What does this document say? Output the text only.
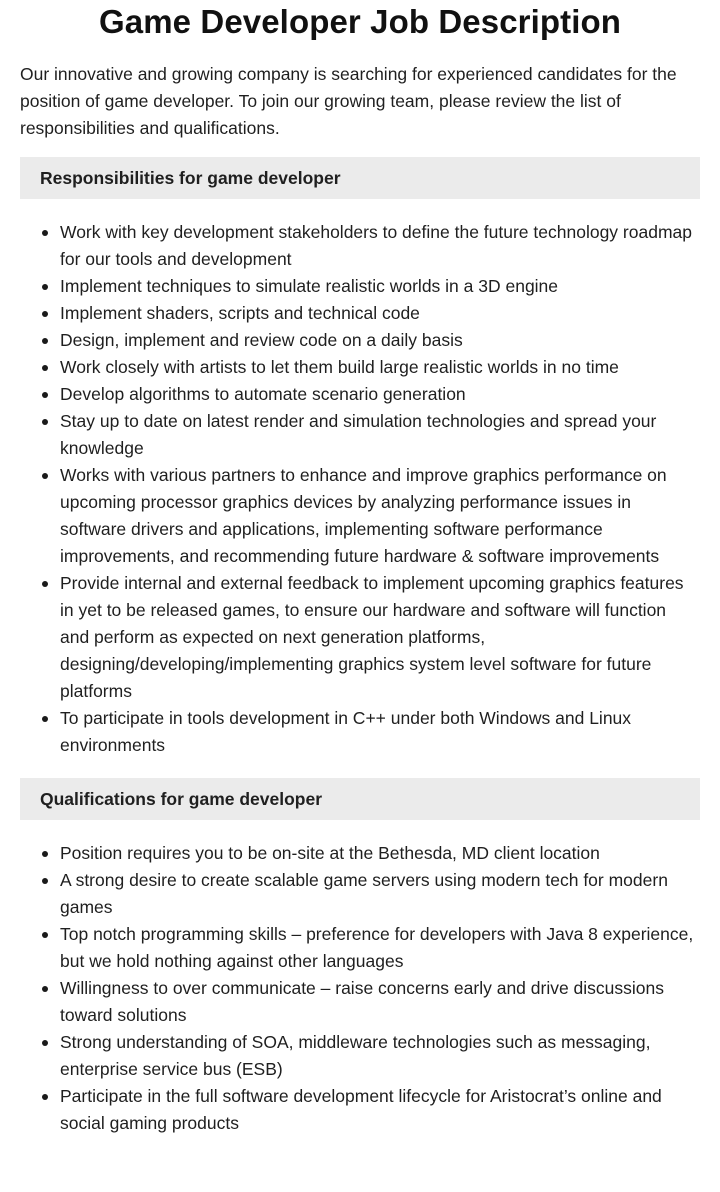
Game Developer Job Description

Our innovative and growing company is searching for experienced candidates for the position of game developer. To join our growing team, please review the list of responsibilities and qualifications.

Responsibilities for game developer
Work with key development stakeholders to define the future technology roadmap for our tools and development
Implement techniques to simulate realistic worlds in a 3D engine
Implement shaders, scripts and technical code
Design, implement and review code on a daily basis
Work closely with artists to let them build large realistic worlds in no time
Develop algorithms to automate scenario generation
Stay up to date on latest render and simulation technologies and spread your knowledge
Works with various partners to enhance and improve graphics performance on upcoming processor graphics devices by analyzing performance issues in software drivers and applications, implementing software performance improvements, and recommending future hardware & software improvements
Provide internal and external feedback to implement upcoming graphics features in yet to be released games, to ensure our hardware and software will function and perform as expected on next generation platforms, designing/developing/implementing graphics system level software for future platforms
To participate in tools development in C++ under both Windows and Linux environments
Qualifications for game developer
Position requires you to be on-site at the Bethesda, MD client location
A strong desire to create scalable game servers using modern tech for modern games
Top notch programming skills – preference for developers with Java 8 experience, but we hold nothing against other languages
Willingness to over communicate – raise concerns early and drive discussions toward solutions
Strong understanding of SOA, middleware technologies such as messaging, enterprise service bus (ESB)
Participate in the full software development lifecycle for Aristocrat’s online and social gaming products
